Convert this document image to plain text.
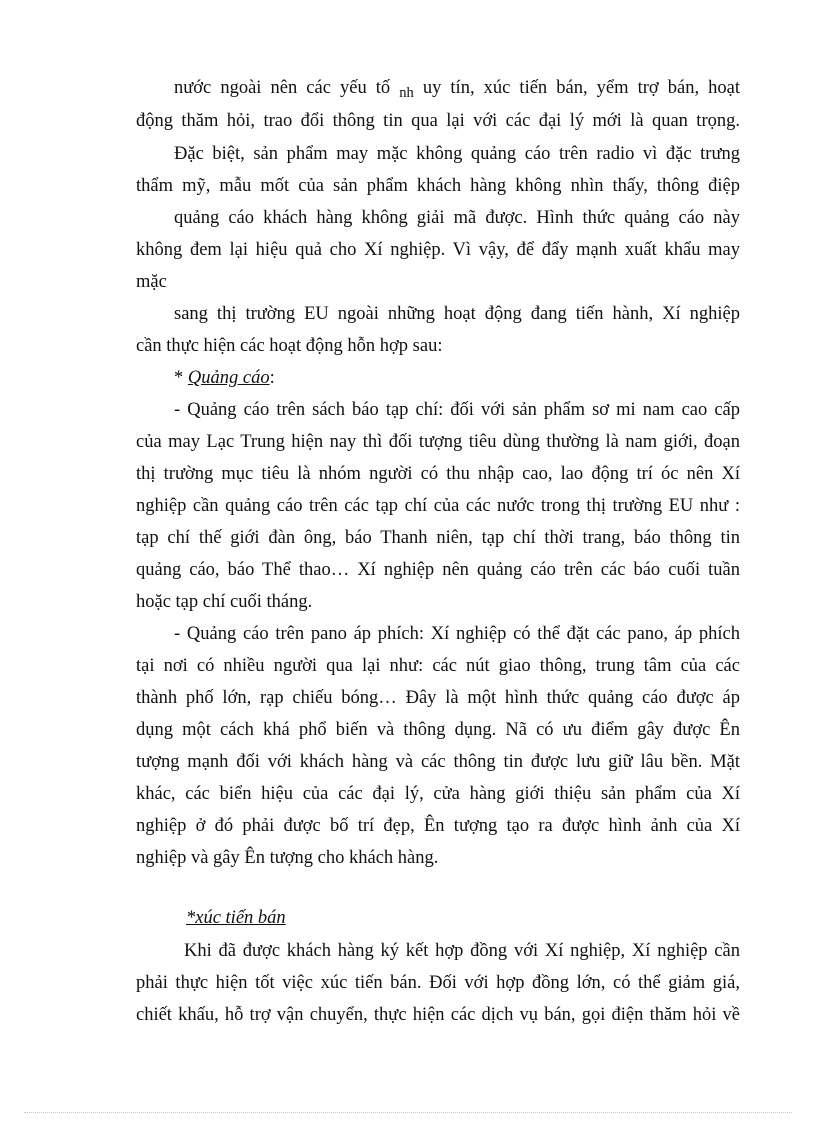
nước ngoài nên các yếu tố $_{nh}$ uy tín, xúc tiến bán, yểm trợ bán, hoạt
động thăm hỏi, trao đổi thông tin qua lại với các đại lý mới là quan trọng.
Đặc biệt, sản phẩm may mặc không quảng cáo trên radio vì đặc trưng
thẩm mỹ, mẫu mốt của sản phẩm khách hàng không nhìn thấy, thông điệp
quảng cáo khách hàng không giải mã được. Hình thức quảng cáo này
không đem lại hiệu quả cho Xí nghiệp. Vì vậy, để đẩy mạnh xuất khẩu may
mặc
sang thị trường EU ngoài những hoạt động đang tiến hành, Xí nghiệp
cần thực hiện các hoạt động hỗn hợp sau:
* Quảng cáo:
- Quảng cáo trên sách báo tạp chí: đối với sản phẩm sơ mi nam cao cấp
của may Lạc Trung hiện nay thì đối tượng tiêu dùng thường là nam giới, đoạn
thị trường mục tiêu là nhóm người có thu nhập cao, lao động trí óc nên Xí
nghiệp cần quảng cáo trên các tạp chí của các nước trong thị trường EU như :
tạp chí thế giới đàn ông, báo Thanh niên, tạp chí thời trang, báo thông tin
quảng cáo, báo Thể thao… Xí nghiệp nên quảng cáo trên các báo cuối tuần
hoặc tạp chí cuối tháng.
- Quảng cáo trên pano áp phích: Xí nghiệp có thể đặt các pano, áp phích
tại nơi có nhiều người qua lại như: các nút giao thông, trung tâm của các
thành phố lớn, rạp chiếu bóng… Đây là một hình thức quảng cáo được áp
dụng một cách khá phổ biến và thông dụng. Nã có ưu điểm gây được Ên
tượng mạnh đối với khách hàng và các thông tin được lưu giữ lâu bền. Mặt
khác, các biển hiệu của các đại lý, cửa hàng giới thiệu sản phẩm của Xí
nghiệp ở đó phải được bố trí đẹp, Ên tượng tạo ra được hình ảnh của Xí
nghiệp và gây Ên tượng cho khách hàng.
*xúc tiến bán
Khi đã được khách hàng ký kết hợp đồng với Xí nghiệp, Xí nghiệp cần
phải thực hiện tốt việc xúc tiến bán. Đối với hợp đồng lớn, có thể giảm giá,
chiết khấu, hỗ trợ vận chuyển, thực hiện các dịch vụ bán, gọi điện thăm hỏi về
